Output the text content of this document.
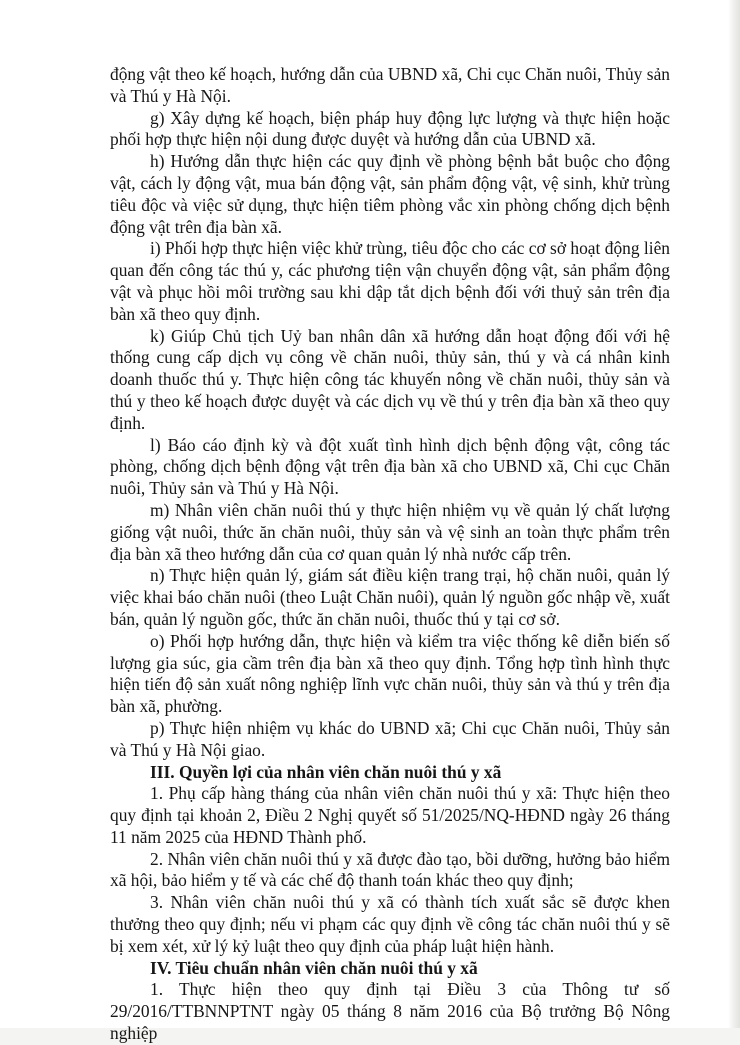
động vật theo kế hoạch, hướng dẫn của UBND xã, Chi cục Chăn nuôi, Thủy sản và Thú y Hà Nội.

g) Xây dựng kế hoạch, biện pháp huy động lực lượng và thực hiện hoặc phối hợp thực hiện nội dung được duyệt và hướng dẫn của UBND xã.

h) Hướng dẫn thực hiện các quy định về phòng bệnh bắt buộc cho động vật, cách ly động vật, mua bán động vật, sản phẩm động vật, vệ sinh, khử trùng tiêu độc và việc sử dụng, thực hiện tiêm phòng vắc xin phòng chống dịch bệnh động vật trên địa bàn xã.

i) Phối hợp thực hiện việc khử trùng, tiêu độc cho các cơ sở hoạt động liên quan đến công tác thú y, các phương tiện vận chuyển động vật, sản phẩm động vật và phục hồi môi trường sau khi dập tắt dịch bệnh đối với thuỷ sản trên địa bàn xã theo quy định.

k) Giúp Chủ tịch Uỷ ban nhân dân xã hướng dẫn hoạt động đối với hệ thống cung cấp dịch vụ công về chăn nuôi, thủy sản, thú y và cá nhân kinh doanh thuốc thú y. Thực hiện công tác khuyến nông về chăn nuôi, thủy sản và thú y theo kế hoạch được duyệt và các dịch vụ về thú y trên địa bàn xã theo quy định.

l) Báo cáo định kỳ và đột xuất tình hình dịch bệnh động vật, công tác phòng, chống dịch bệnh động vật trên địa bàn xã cho UBND xã, Chi cục Chăn nuôi, Thủy sản và Thú y Hà Nội.

m) Nhân viên chăn nuôi thú y thực hiện nhiệm vụ về quản lý chất lượng giống vật nuôi, thức ăn chăn nuôi, thủy sản và vệ sinh an toàn thực phẩm trên địa bàn xã theo hướng dẫn của cơ quan quản lý nhà nước cấp trên.

n) Thực hiện quản lý, giám sát điều kiện trang trại, hộ chăn nuôi, quản lý việc khai báo chăn nuôi (theo Luật Chăn nuôi), quản lý nguồn gốc nhập về, xuất bán, quản lý nguồn gốc, thức ăn chăn nuôi, thuốc thú y tại cơ sở.

o) Phối hợp hướng dẫn, thực hiện và kiểm tra việc thống kê diễn biến số lượng gia súc, gia cầm trên địa bàn xã theo quy định. Tổng hợp tình hình thực hiện tiến độ sản xuất nông nghiệp lĩnh vực chăn nuôi, thủy sản và thú y trên địa bàn xã, phường.

p) Thực hiện nhiệm vụ khác do UBND xã; Chi cục Chăn nuôi, Thủy sản và Thú y Hà Nội giao.

III. Quyền lợi của nhân viên chăn nuôi thú y xã

1. Phụ cấp hàng tháng của nhân viên chăn nuôi thú y xã: Thực hiện theo quy định tại khoản 2, Điều 2 Nghị quyết số 51/2025/NQ-HĐND ngày 26 tháng 11 năm 2025 của HĐND Thành phố.

2. Nhân viên chăn nuôi thú y xã được đào tạo, bồi dưỡng, hưởng bảo hiểm xã hội, bảo hiểm y tế và các chế độ thanh toán khác theo quy định;

3. Nhân viên chăn nuôi thú y xã có thành tích xuất sắc sẽ được khen thưởng theo quy định; nếu vi phạm các quy định về công tác chăn nuôi thú y sẽ bị xem xét, xử lý kỷ luật theo quy định của pháp luật hiện hành.

IV. Tiêu chuẩn nhân viên chăn nuôi thú y xã

1. Thực hiện theo quy định tại Điều 3 của Thông tư số 29/2016/TTBNNPTNT ngày 05 tháng 8 năm 2016 của Bộ trưởng Bộ Nông nghiệp
